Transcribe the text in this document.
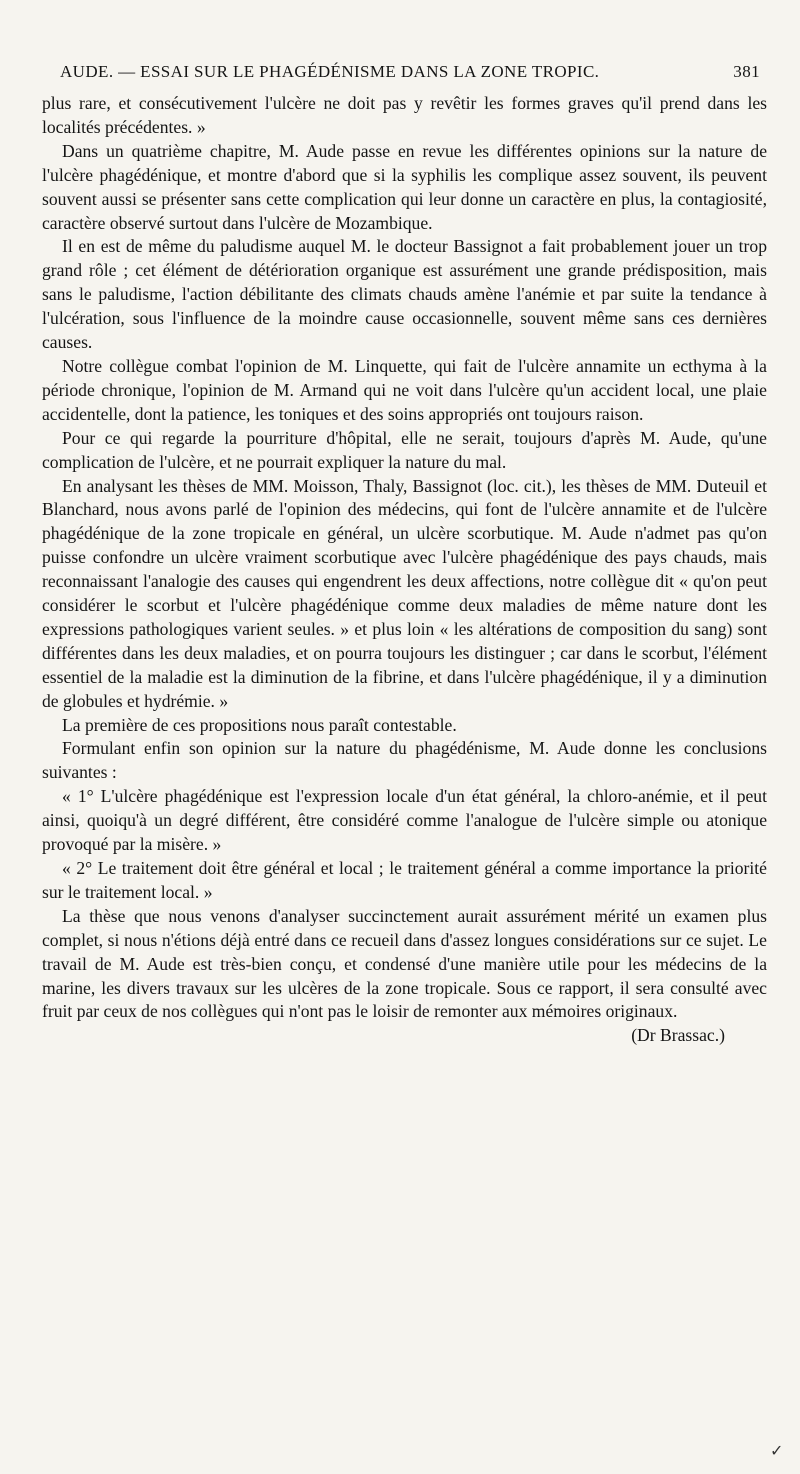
AUDE. — ESSAI SUR LE PHAGÉDÉNISME DANS LA ZONE TROPIC.	381

plus rare, et consécutivement l'ulcère ne doit pas y revêtir les formes graves qu'il prend dans les localités précédentes. »

Dans un quatrième chapitre, M. Aude passe en revue les différentes opinions sur la nature de l'ulcère phagédénique, et montre d'abord que si la syphilis les complique assez souvent, ils peuvent souvent aussi se présenter sans cette complication qui leur donne un caractère en plus, la contagiosité, caractère observé surtout dans l'ulcère de Mozambique.

Il en est de même du paludisme auquel M. le docteur Bassignot a fait probablement jouer un trop grand rôle ; cet élément de détérioration organique est assurément une grande prédisposition, mais sans le paludisme, l'action débilitante des climats chauds amène l'anémie et par suite la tendance à l'ulcération, sous l'influence de la moindre cause occasionnelle, souvent même sans ces dernières causes.

Notre collègue combat l'opinion de M. Linquette, qui fait de l'ulcère annamite un ecthyma à la période chronique, l'opinion de M. Armand qui ne voit dans l'ulcère qu'un accident local, une plaie accidentelle, dont la patience, les toniques et des soins appropriés ont toujours raison.

Pour ce qui regarde la pourriture d'hôpital, elle ne serait, toujours d'après M. Aude, qu'une complication de l'ulcère, et ne pourrait expliquer la nature du mal.

En analysant les thèses de MM. Moisson, Thaly, Bassignot (loc. cit.), les thèses de MM. Duteuil et Blanchard, nous avons parlé de l'opinion des médecins, qui font de l'ulcère annamite et de l'ulcère phagédénique de la zone tropicale en général, un ulcère scorbutique. M. Aude n'admet pas qu'on puisse confondre un ulcère vraiment scorbutique avec l'ulcère phagédénique des pays chauds, mais reconnaissant l'analogie des causes qui engendrent les deux affections, notre collègue dit « qu'on peut considérer le scorbut et l'ulcère phagédénique comme deux maladies de même nature dont les expressions pathologiques varient seules. » et plus loin « les altérations de composition du sang) sont différentes dans les deux maladies, et on pourra toujours les distinguer ; car dans le scorbut, l'élément essentiel de la maladie est la diminution de la fibrine, et dans l'ulcère phagédénique, il y a diminution de globules et hydrémie. »

La première de ces propositions nous paraît contestable.

Formulant enfin son opinion sur la nature du phagédénisme, M. Aude donne les conclusions suivantes :

« 1° L'ulcère phagédénique est l'expression locale d'un état général, la chloro-anémie, et il peut ainsi, quoiqu'à un degré différent, être considéré comme l'analogue de l'ulcère simple ou atonique provoqué par la misère. »

« 2° Le traitement doit être général et local ; le traitement général a comme importance la priorité sur le traitement local. »

La thèse que nous venons d'analyser succinctement aurait assurément mérité un examen plus complet, si nous n'étions déjà entré dans ce recueil dans d'assez longues considérations sur ce sujet. Le travail de M. Aude est très-bien conçu, et condensé d'une manière utile pour les médecins de la marine, les divers travaux sur les ulcères de la zone tropicale. Sous ce rapport, il sera consulté avec fruit par ceux de nos collègues qui n'ont pas le loisir de remonter aux mémoires originaux.

(Dr Brassac.)

✓
